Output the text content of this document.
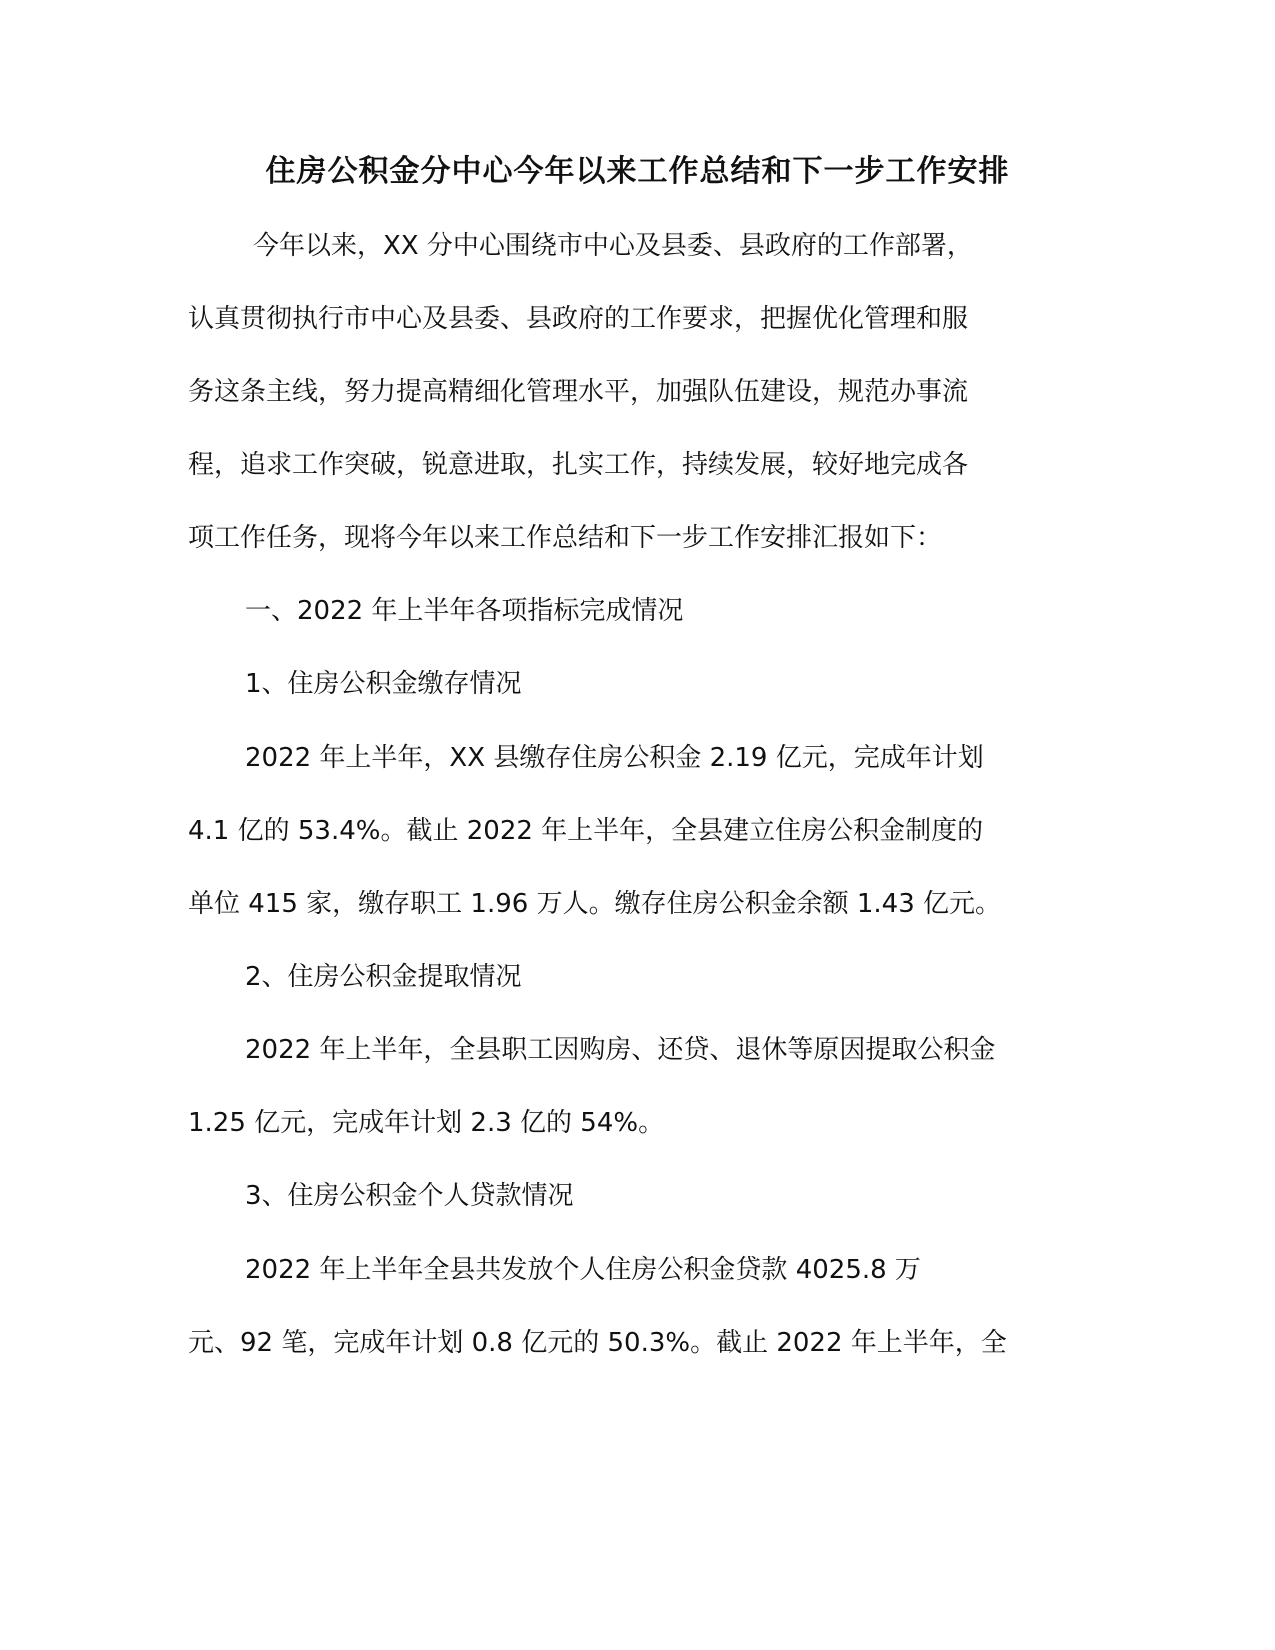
住房公积金分中心今年以来工作总结和下一步工作安排
今年以来，XX 分中心围绕市中心及县委、县政府的工作部署，
认真贯彻执行市中心及县委、县政府的工作要求，把握优化管理和服
务这条主线，努力提高精细化管理水平，加强队伍建设，规范办事流
程，追求工作突破，锐意进取，扎实工作，持续发展，较好地完成各
项工作任务，现将今年以来工作总结和下一步工作安排汇报如下：
一、2022 年上半年各项指标完成情况
1、住房公积金缴存情况
2022 年上半年，XX 县缴存住房公积金 2.19 亿元，完成年计划
4.1 亿的 53.4%。截止 2022 年上半年，全县建立住房公积金制度的
单位 415 家，缴存职工 1.96 万人。缴存住房公积金余额 1.43 亿元。
2、住房公积金提取情况
2022 年上半年，全县职工因购房、还贷、退休等原因提取公积金
1.25 亿元，完成年计划 2.3 亿的 54%。
3、住房公积金个人贷款情况
2022 年上半年全县共发放个人住房公积金贷款 4025.8 万
元、92 笔，完成年计划 0.8 亿元的 50.3%。截止 2022 年上半年，全
